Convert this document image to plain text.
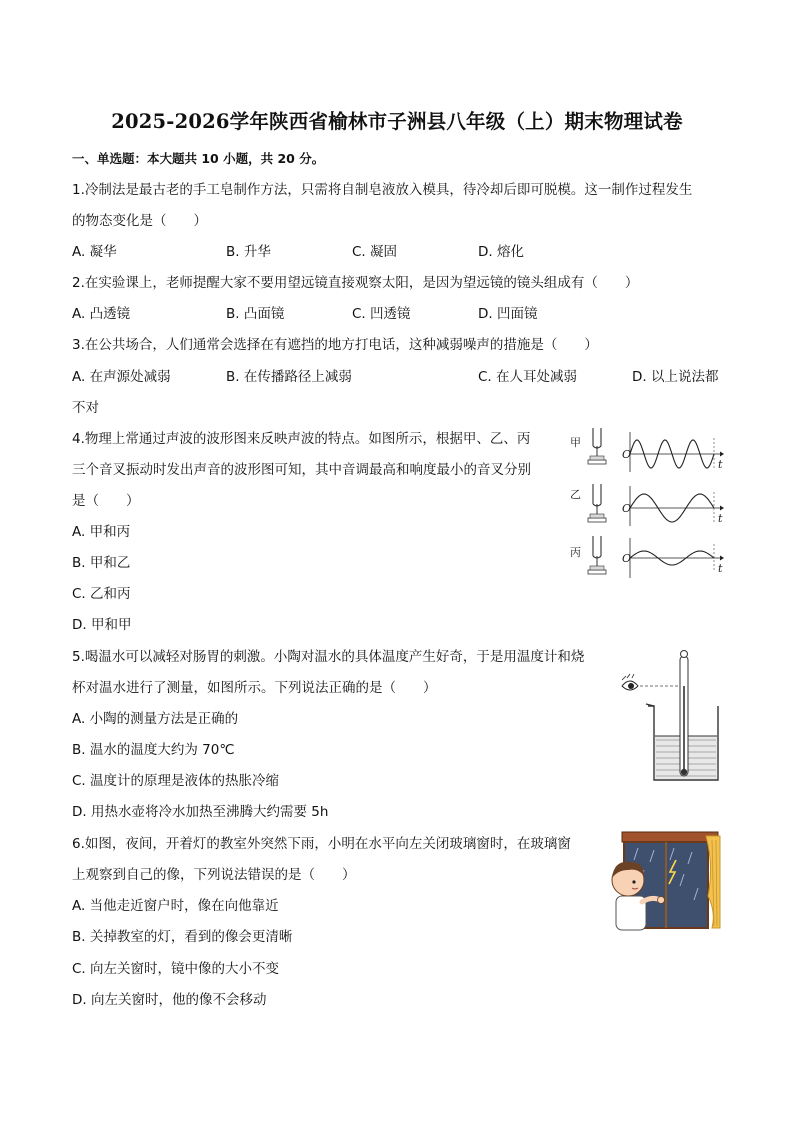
2025-2026学年陕西省榆林市子洲县八年级（上）期末物理试卷
一、单选题：本大题共 10 小题，共 20 分。
1.冷制法是最古老的手工皂制作方法，只需将自制皂液放入模具，待冷却后即可脱模。这一制作过程发生
的物态变化是（　　）
A. 凝华	B. 升华	C. 凝固	D. 熔化
2.在实验课上，老师提醒大家不要用望远镜直接观察太阳，是因为望远镜的镜头组成有（　　）
A. 凸透镜	B. 凸面镜	C. 凹透镜	D. 凹面镜
3.在公共场合，人们通常会选择在有遮挡的地方打电话，这种减弱噪声的措施是（　　）
A. 在声源处减弱	B. 在传播路径上减弱	C. 在人耳处减弱	D. 以上说法都
不对
4.物理上常通过声波的波形图来反映声波的特点。如图所示，根据甲、乙、丙
三个音叉振动时发出声音的波形图可知，其中音调最高和响度最小的音叉分别
是（　　）
A. 甲和丙
B. 甲和乙
C. 乙和丙
D. 甲和甲
甲
O
t
乙
O
t
丙	O
t
5.喝温水可以减轻对肠胃的刺激。小陶对温水的具体温度产生好奇，于是用温度计和烧
杯对温水进行了测量，如图所示。下列说法正确的是（　　）
A. 小陶的测量方法是正确的
B. 温水的温度大约为 70℃
C. 温度计的原理是液体的热胀冷缩
D. 用热水壶将冷水加热至沸腾大约需要 5h
6.如图，夜间，开着灯的教室外突然下雨，小明在水平向左关闭玻璃窗时，在玻璃窗
上观察到自己的像，下列说法错误的是（　　）
A. 当他走近窗户时，像在向他靠近
B. 关掉教室的灯，看到的像会更清晰
C. 向左关窗时，镜中像的大小不变
D. 向左关窗时，他的像不会移动
